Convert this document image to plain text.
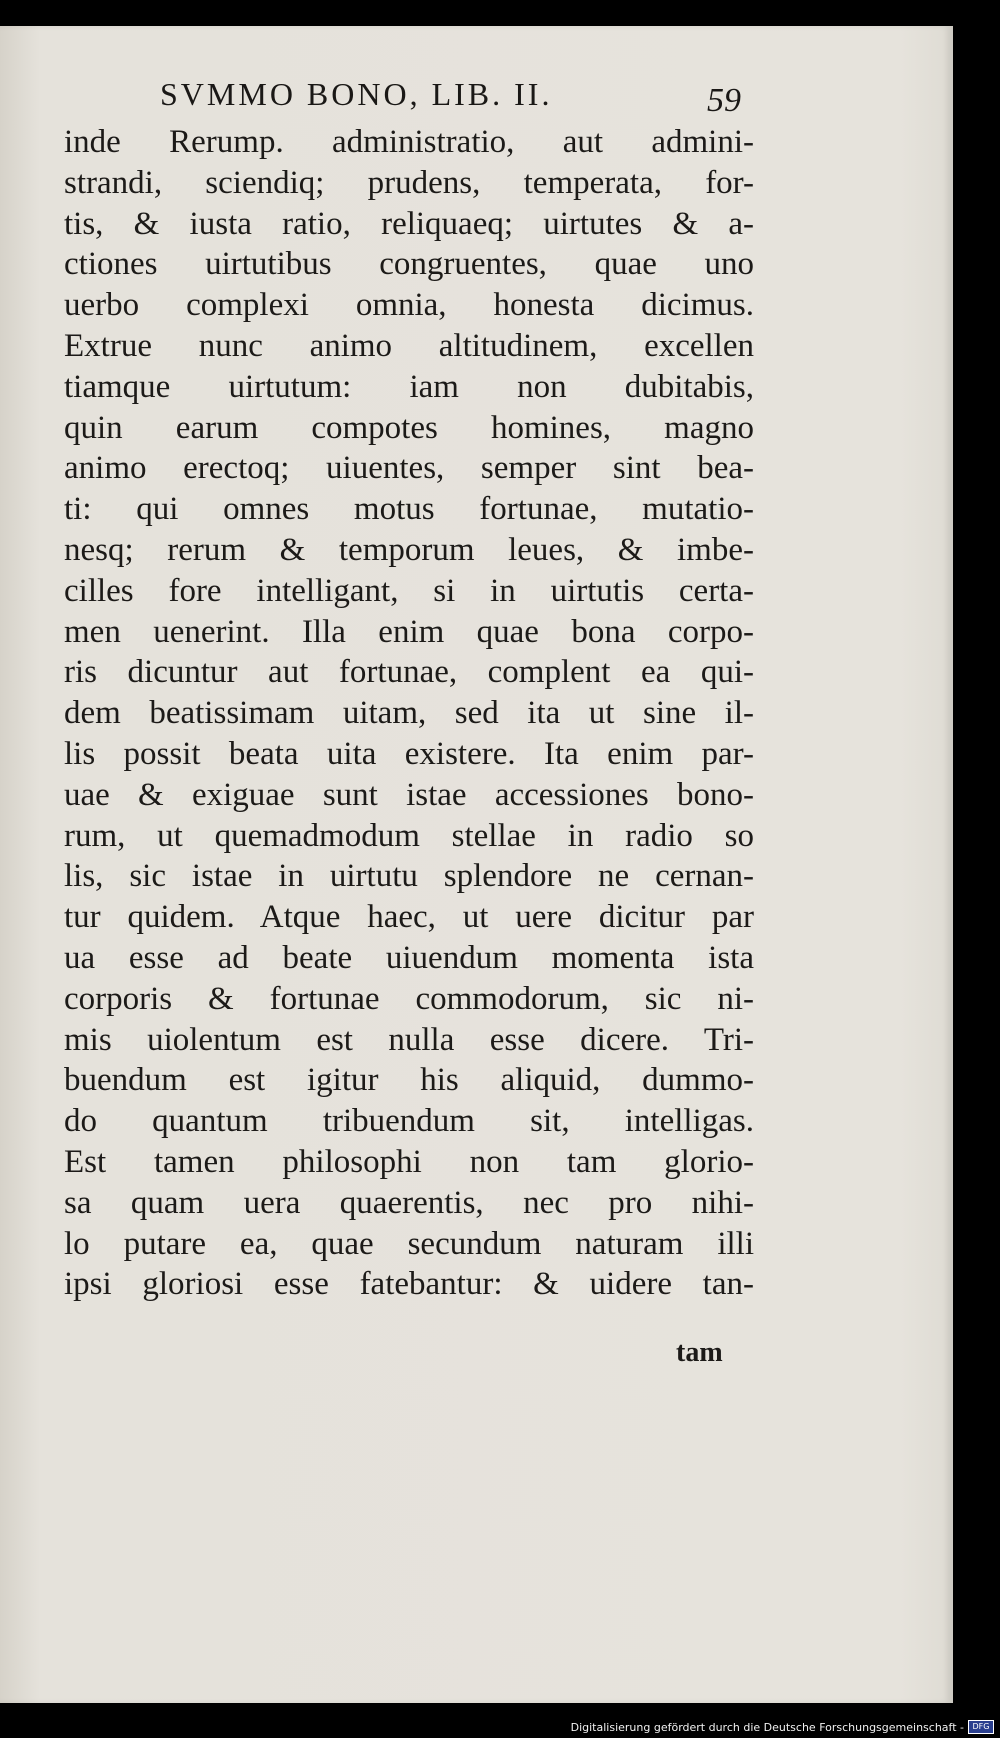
SVMMO BONO, LIB. II.	59
inde Rerump. administratio, aut admini-
strandi, sciendiq; prudens, temperata, for-
tis, & iusta ratio, reliquaeq; uirtutes & a-
ctiones uirtutibus congruentes, quae uno
uerbo complexi omnia, honesta dicimus.
Extrue nunc animo altitudinem, excellen
tiamque uirtutum: iam non dubitabis,
quin earum compotes homines, magno
animo erectoq; uiuentes, semper sint bea-
ti: qui omnes motus fortunae, mutatio-
nesq; rerum & temporum leues, & imbe-
cilles fore intelligant, si in uirtutis certa-
men uenerint. Illa enim quae bona corpo-
ris dicuntur aut fortunae, complent ea qui-
dem beatissimam uitam, sed ita ut sine il-
lis possit beata uita existere. Ita enim par-
uae & exiguae sunt istae accessiones bono-
rum, ut quemadmodum stellae in radio so
lis, sic istae in uirtutu splendore ne cernan-
tur quidem. Atque haec, ut uere dicitur par
ua esse ad beate uiuendum momenta ista
corporis & fortunae commodorum, sic ni-
mis uiolentum est nulla esse dicere. Tri-
buendum est igitur his aliquid, dummo-
do quantum tribuendum sit, intelligas.
Est tamen philosophi non tam glorio-
sa quam uera quaerentis, nec pro nihi-
lo putare ea, quae secundum naturam illi
ipsi gloriosi esse fatebantur: & uidere tan-
tam
Digitalisierung gefördert durch die Deutsche Forschungsgemeinschaft -	DFG
